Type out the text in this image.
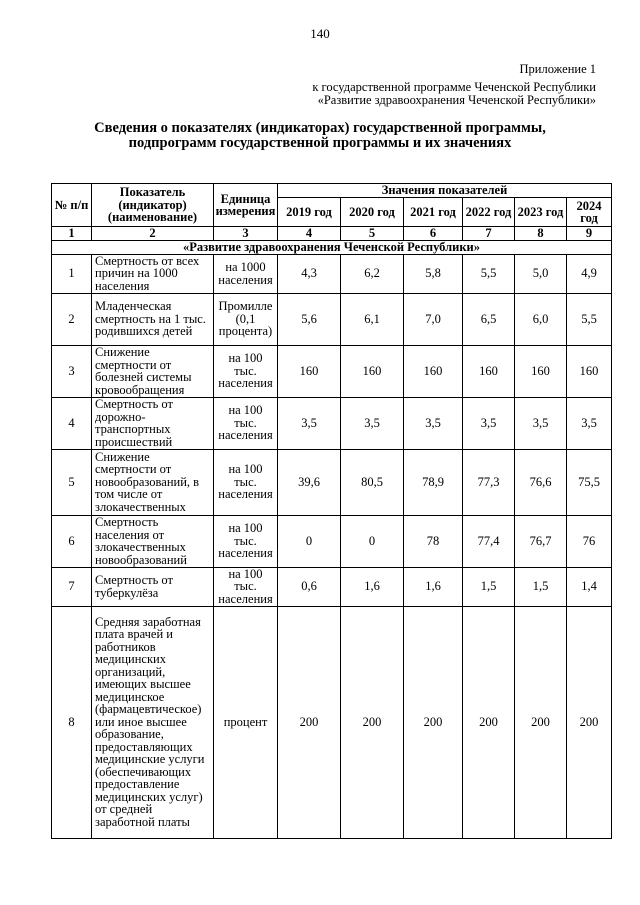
140
Приложение 1
к государственной программе Чеченской Республики
«Развитие здравоохранения Чеченской Республики»
Сведения о показателях (индикаторах) государственной программы,
подпрограмм государственной программы и их значениях
№ п/п	Показатель (индикатор) (наименование)	Единица измерения	Значения показателей					
			2019 год	2020 год	2021 год	2022 год	2023 год	2024 год
1	2	3	4	5	6	7	8	9
«Развитие здравоохранения Чеченской Республики»								
1	Смертность от всех причин на 1000 населения	на 1000 населения	4,3	6,2	5,8	5,5	5,0	4,9
2	Младенческая смертность на 1 тыс. родившихся детей	Промилле (0,1 процента)	5,6	6,1	7,0	6,5	6,0	5,5
3	Снижение смертности от болезней системы кровообращения	на 100 тыс. населения	160	160	160	160	160	160
4	Смертность от дорожно-транспортных происшествий	на 100 тыс. населения	3,5	3,5	3,5	3,5	3,5	3,5
5	Снижение смертности от новообразований, в том числе от злокачественных	на 100 тыс. населения	39,6	80,5	78,9	77,3	76,6	75,5
6	Смертность населения от злокачественных новообразований	на 100 тыс. населения	0	0	78	77,4	76,7	76
7	Смертность от туберкулёза	на 100 тыс. населения	0,6	1,6	1,6	1,5	1,5	1,4
8	Средняя заработная плата врачей и работников медицинских организаций, имеющих высшее медицинское (фармацевтическое) или иное высшее образование, предоставляющих медицинские услуги (обеспечивающих предоставление медицинских услуг) от средней заработной платы	процент	200	200	200	200	200	200
